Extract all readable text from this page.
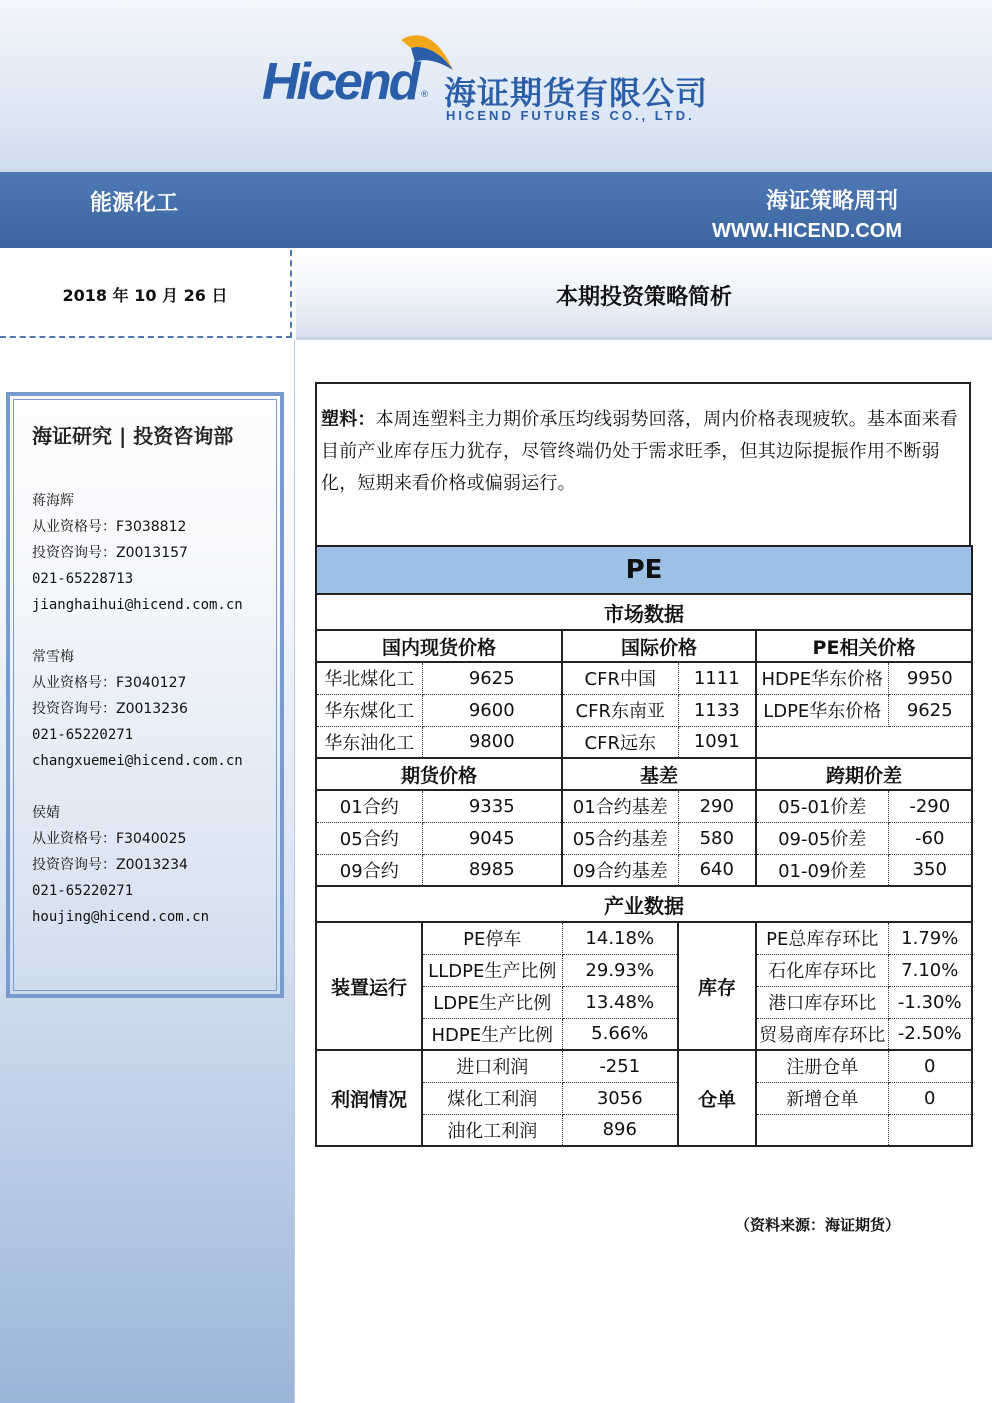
Hicend ® 海证期货有限公司
HICEND FUTURES CO., LTD.
能源化工	海证策略周刊
WWW.HICEND.COM
2018 年 10 月 26 日	本期投资策略简析
海证研究 | 投资咨询部
蒋海辉
从业资格号：F3038812
投资咨询号：Z0013157
021-65228713
jianghaihui@hicend.com.cn
常雪梅
从业资格号：F3040127
投资咨询号：Z0013236
021-65220271
changxuemei@hicend.com.cn
侯婧
从业资格号：F3040025
投资咨询号：Z0013234
021-65220271
houjing@hicend.com.cn

塑料：本周连塑料主力期价承压均线弱势回落，周内价格表现疲软。基本面来看目前产业库存压力犹存，尽管终端仍处于需求旺季，但其边际提振作用不断弱化，短期来看价格或偏弱运行。

PE					
市场数据					
国内现货价格		国际价格		PE相关价格	
华北煤化工	9625	CFR中国	1111	HDPE华东价格	9950
华东煤化工	9600	CFR东南亚	1133	LDPE华东价格	9625
华东油化工	9800	CFR远东	1091		
期货价格		基差		跨期价差	
01合约	9335	01合约基差	290	05-01价差	-290
05合约	9045	05合约基差	580	09-05价差	-60
09合约	8985	09合约基差	640	01-09价差	350
产业数据					
装置运行	PE停车	14.18%	库存	PE总库存环比	1.79%
	LLDPE生产比例	29.93%		石化库存环比	7.10%
	LDPE生产比例	13.48%		港口库存环比	-1.30%
	HDPE生产比例	5.66%		贸易商库存环比	-2.50%
利润情况	进口利润	-251	仓单	注册仓单	0
	煤化工利润	3056		新增仓单	0
	油化工利润	896			
（资料来源：海证期货）
